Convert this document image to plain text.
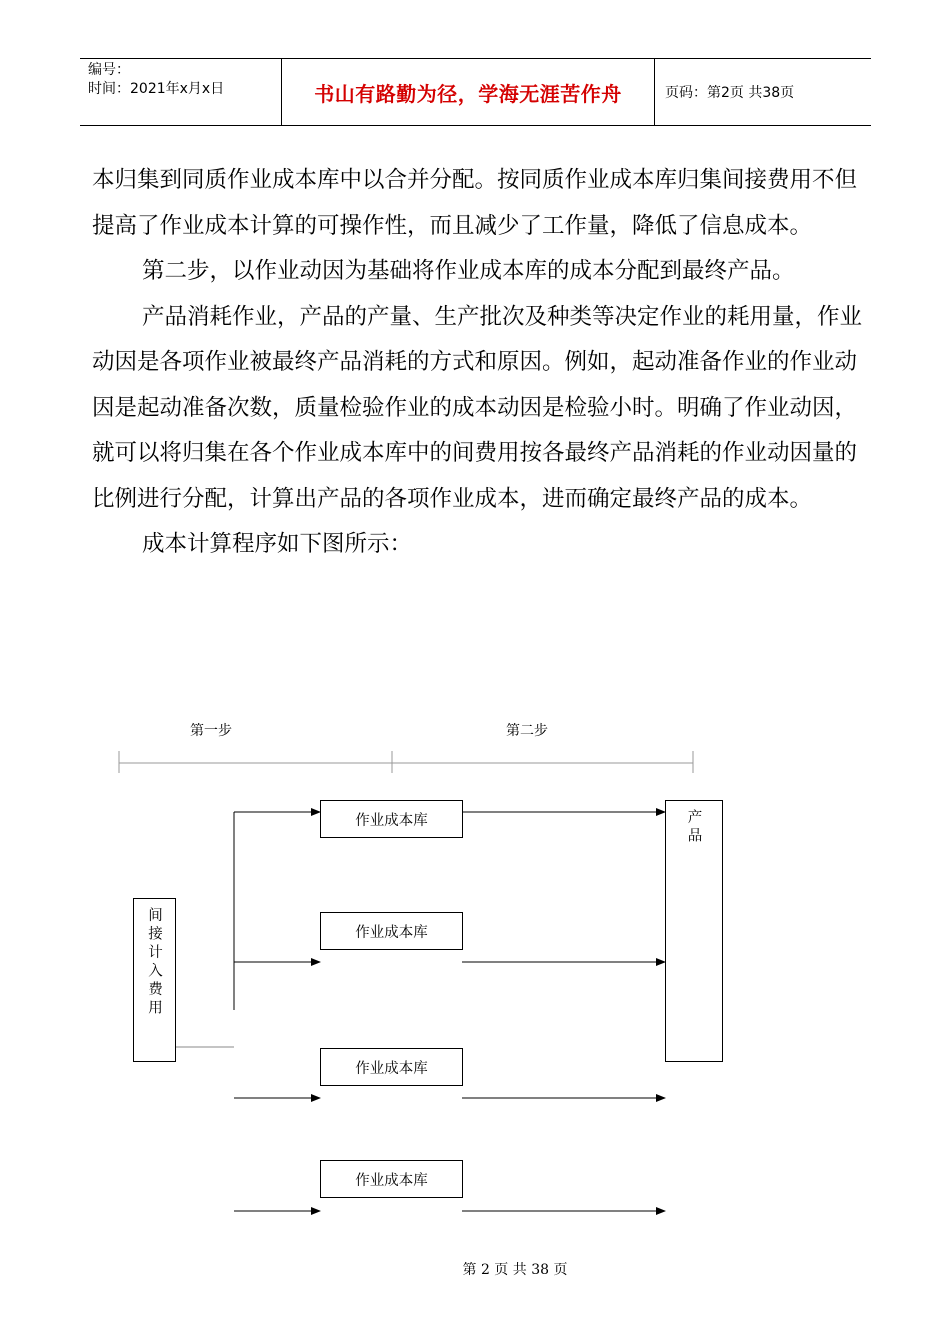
编号：
时间：2021年x月x日	书山有路勤为径，学海无涯苦作舟	页码：第2页 共38页

本归集到同质作业成本库中以合并分配。按同质作业成本库归集间接费用不但提高了作业成本计算的可操作性，而且减少了工作量，降低了信息成本。

第二步，以作业动因为基础将作业成本库的成本分配到最终产品。

产品消耗作业，产品的产量、生产批次及种类等决定作业的耗用量，作业动因是各项作业被最终产品消耗的方式和原因。例如，起动准备作业的作业动因是起动准备次数，质量检验作业的成本动因是检验小时。明确了作业动因，就可以将归集在各个作业成本库中的间费用按各最终产品消耗的作业动因量的比例进行分配，计算出产品的各项作业成本，进而确定最终产品的成本。

成本计算程序如下图所示：

第一步	第二步
间接计入费用
作业成本库
作业成本库
作业成本库
作业成本库
产品
第 2 页 共 38 页
